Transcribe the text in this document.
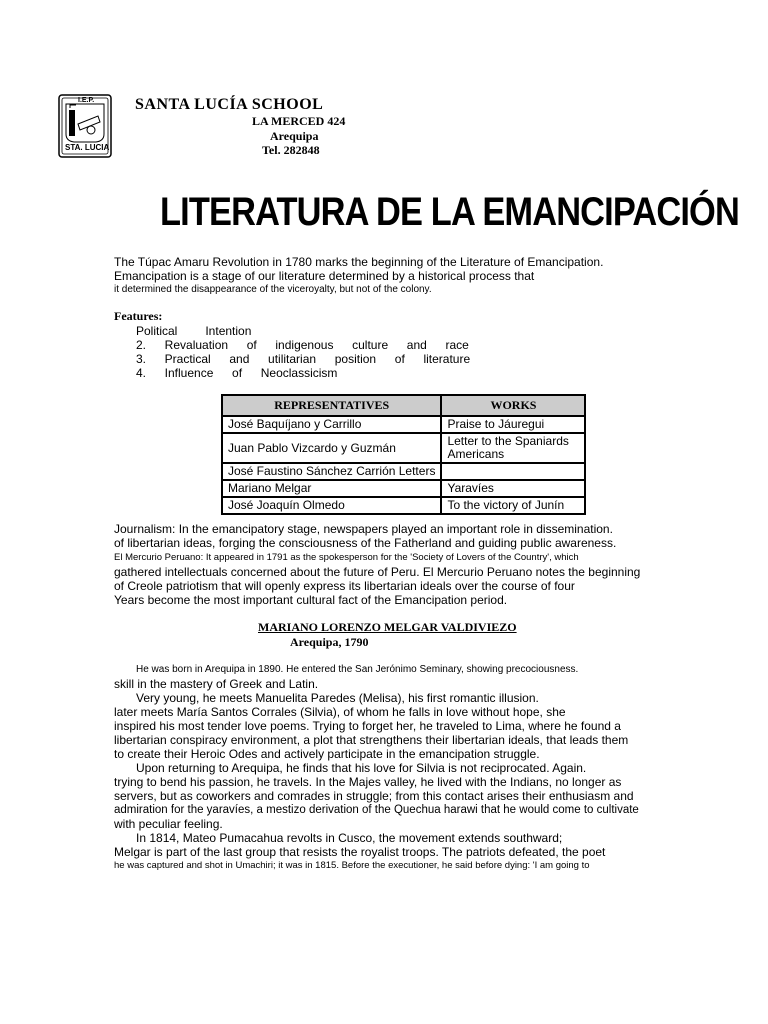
I.E.P.
STA. LUCIA
SANTA LUCÍA SCHOOL
LA MERCED 424
Arequipa
Tel. 282848
LITERATURA DE LA EMANCIPACIÓN
The Túpac Amaru Revolution in 1780 marks the beginning of the Literature of Emancipation.
Emancipation is a stage of our literature determined by a historical process that
it determined the disappearance of the viceroyalty, but not of the colony.
Features:
Political   Intention
2.  Revaluation  of  indigenous  culture  and  race
3.  Practical  and  utilitarian  position  of  literature
4.  Influence  of  Neoclassicism
REPRESENTATIVES	WORKS
José Baquíjano y Carrillo	Praise to Jáuregui
Juan Pablo Vizcardo y Guzmán	Letter to the Spaniards Americans
José Faustino Sánchez Carrión Letters	
Mariano Melgar	Yaravíes
José Joaquín Olmedo	To the victory of Junín
Journalism: In the emancipatory stage, newspapers played an important role in dissemination.
of libertarian ideas, forging the consciousness of the Fatherland and guiding public awareness.
El Mercurio Peruano: It appeared in 1791 as the spokesperson for the 'Society of Lovers of the Country', which
gathered intellectuals concerned about the future of Peru. El Mercurio Peruano notes the beginning
of Creole patriotism that will openly express its libertarian ideals over the course of four
Years become the most important cultural fact of the Emancipation period.
MARIANO LORENZO MELGAR VALDIVIEZO
Arequipa, 1790
He was born in Arequipa in 1890. He entered the San Jerónimo Seminary, showing precociousness.
skill in the mastery of Greek and Latin.
Very young, he meets Manuelita Paredes (Melisa), his first romantic illusion.
later meets María Santos Corrales (Silvia), of whom he falls in love without hope, she
inspired his most tender love poems. Trying to forget her, he traveled to Lima, where he found a
libertarian conspiracy environment, a plot that strengthens their libertarian ideals, that leads them
to create their Heroic Odes and actively participate in the emancipation struggle.
Upon returning to Arequipa, he finds that his love for Silvia is not reciprocated. Again.
trying to bend his passion, he travels. In the Majes valley, he lived with the Indians, no longer as
servers, but as coworkers and comrades in struggle; from this contact arises their enthusiasm and
admiration for the yaravíes, a mestizo derivation of the Quechua harawi that he would come to cultivate
with peculiar feeling.
In 1814, Mateo Pumacahua revolts in Cusco, the movement extends southward;
Melgar is part of the last group that resists the royalist troops. The patriots defeated, the poet
he was captured and shot in Umachiri; it was in 1815. Before the executioner, he said before dying: 'I am going to
